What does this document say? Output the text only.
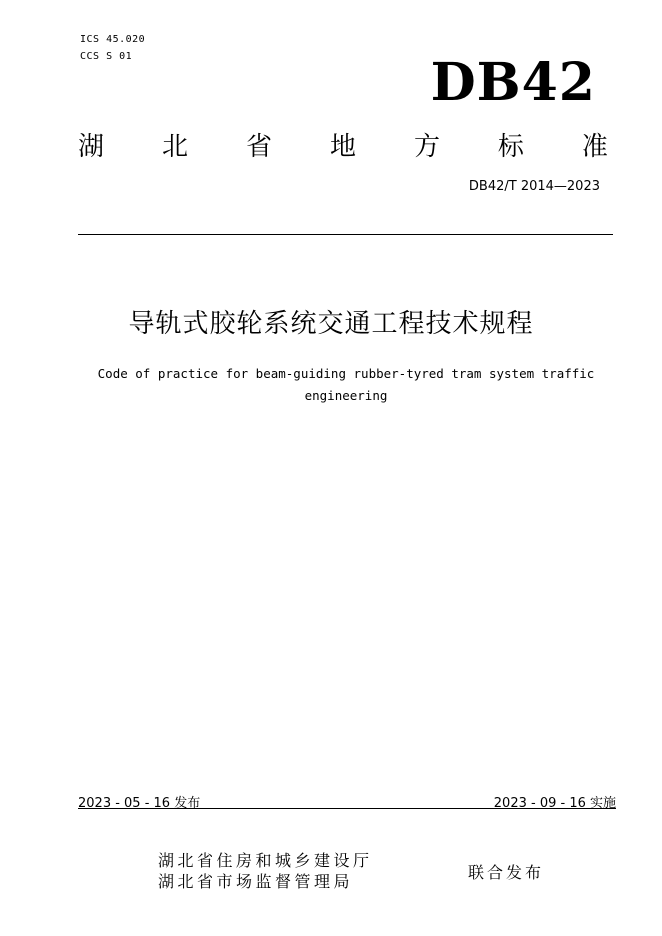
ICS 45.020
CCS S 01	DB42
湖 北 省 地 方 标 准
DB42/T 2014—2023
导轨式胶轮系统交通工程技术规程
Code of practice for beam-guiding rubber-tyred tram system traffic engineering
2023 - 05 - 16 发布	2023 - 09 - 16 实施
湖北省住房和城乡建设厅
湖北省市场监督管理局	联合发布
